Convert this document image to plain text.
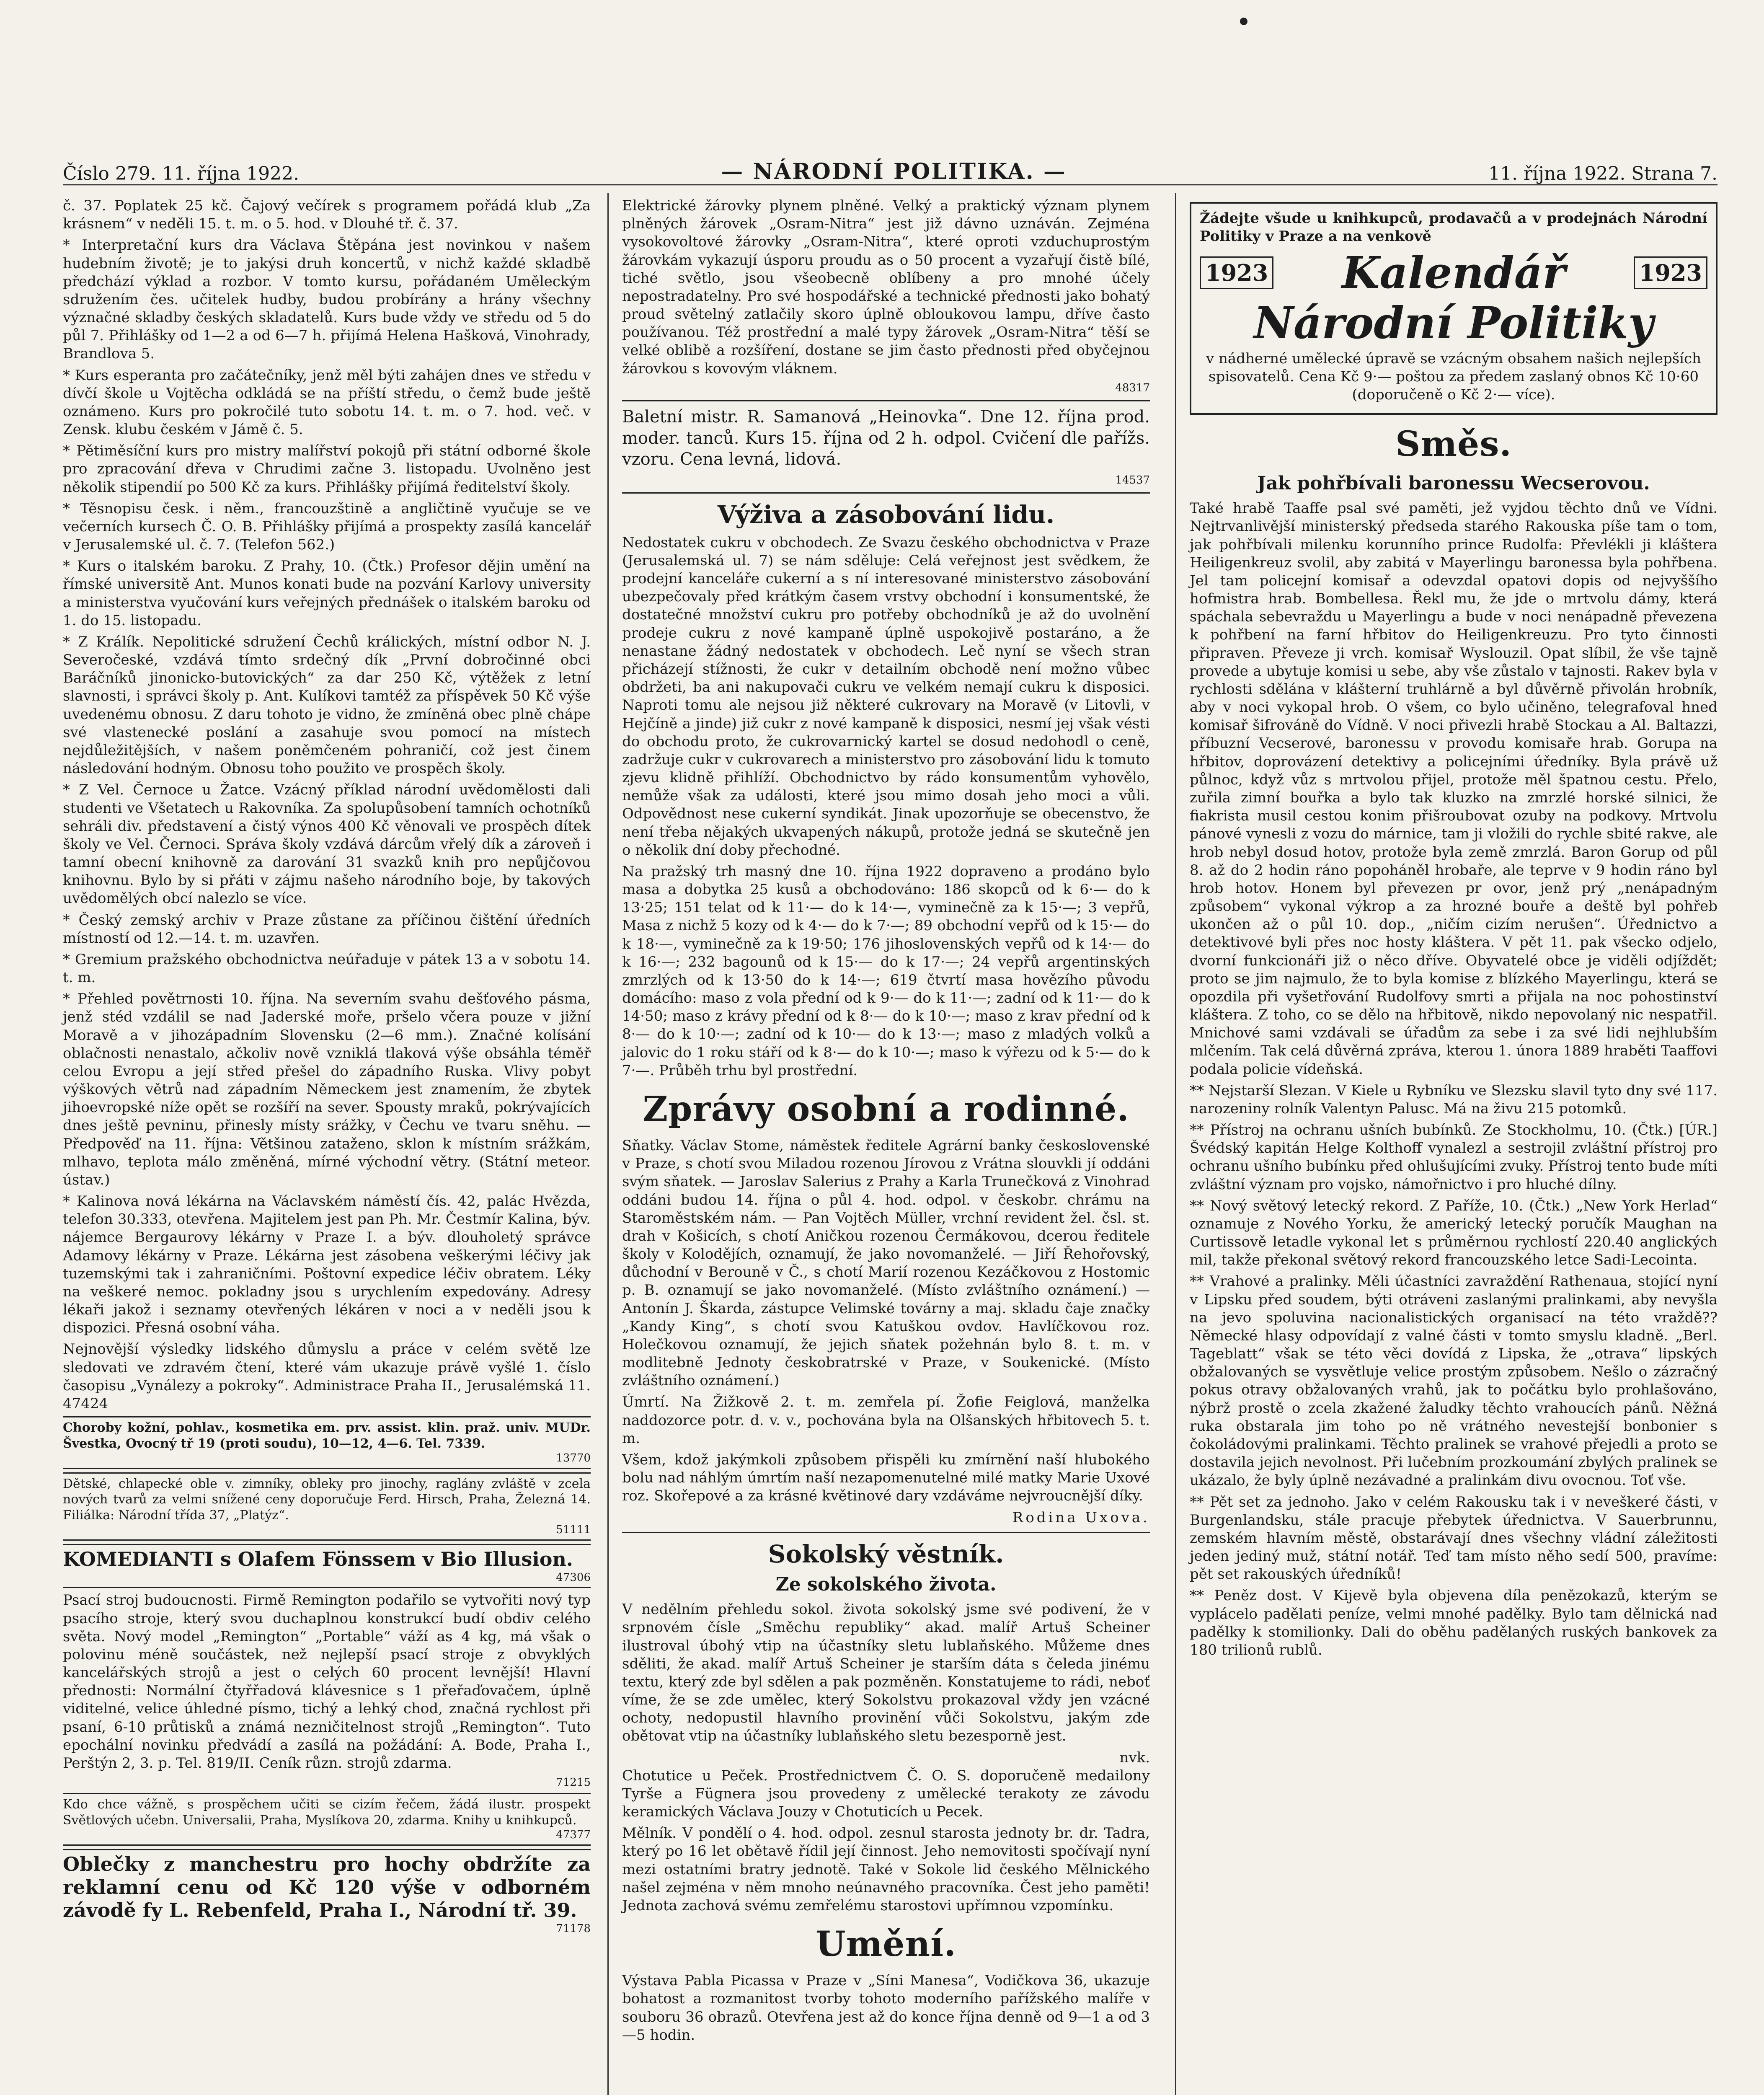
Číslo 279. 11. října 1922.	— NÁRODNÍ POLITIKA. —	11. října 1922. Strana 7.

č. 37. Poplatek 25 kč. Čajový večírek s programem pořádá klub „Za krásnem“ v neděli 15. t. m. o 5. hod. v Dlouhé tř. č. 37.

* Interpretační kurs dra Václava Štěpána jest novinkou v našem hudebním životě; je to jakýsi druh koncertů, v nichž každé skladbě předchází výklad a rozbor. V tomto kursu, pořádaném Uměleckým sdružením čes. učitelek hudby, budou probírány a hrány všechny význačné skladby českých skladatelů. Kurs bude vždy ve středu od 5 do půl 7. Přihlášky od 1—2 a od 6—7 h. přijímá Helena Hašková, Vinohrady, Brandlova 5.

* Kurs esperanta pro začátečníky, jenž měl býti zahájen dnes ve středu v dívčí škole u Vojtěcha odkládá se na příští středu, o čemž bude ještě oznámeno. Kurs pro pokročilé tuto sobotu 14. t. m. o 7. hod. več. v Zensk. klubu českém v Jámě č. 5.

* Pětiměsíční kurs pro mistry malířství pokojů při státní odborné škole pro zpracování dřeva v Chrudimi začne 3. listopadu. Uvolněno jest několik stipendií po 500 Kč za kurs. Přihlášky přijímá ředitelství školy.

* Těsnopisu česk. i něm., francouzštině a angličtině vyučuje se ve večerních kursech Č. O. B. Přihlášky přijímá a prospekty zasílá kancelář v Jerusalemské ul. č. 7. (Telefon 562.)

* Kurs o italském baroku. Z Prahy, 10. (Čtk.) Profesor dějin umění na římské universitě Ant. Munos konati bude na pozvání Karlovy university a ministerstva vyučování kurs veřejných přednášek o italském baroku od 1. do 15. listopadu.

* Z Králík. Nepolitické sdružení Čechů králických, místní odbor N. J. Severočeské, vzdává tímto srdečný dík „První dobročinné obci Baráčníků jinonicko-butovických“ za dar 250 Kč, výtěžek z letní slavnosti, i správci školy p. Ant. Kulíkovi tamtéž za příspěvek 50 Kč výše uvedenému obnosu. Z daru tohoto je vidno, že zmíněná obec plně chápe své vlastenecké poslání a zasahuje svou pomocí na místech nejdůležitějších, v našem poněmčeném pohraničí, což jest činem následování hodným. Obnosu toho použito ve prospěch školy.

* Z Vel. Černoce u Žatce. Vzácný příklad národní uvědomělosti dali studenti ve Všetatech u Rakovníka. Za spolupůsobení tamních ochotníků sehráli div. představení a čistý výnos 400 Kč věnovali ve prospěch dítek školy ve Vel. Černoci. Správa školy vzdává dárcům vřelý dík a zároveň i tamní obecní knihovně za darování 31 svazků knih pro nepůjčovou knihovnu. Bylo by si přáti v zájmu našeho národního boje, by takových uvědomělých obcí nalezlo se více.

* Český zemský archiv v Praze zůstane za příčinou čištění úředních místností od 12.—14. t. m. uzavřen.

* Gremium pražského obchodnictva neúřaduje v pátek 13 a v sobotu 14. t. m.

* Přehled povětrnosti 10. října. Na severním svahu dešťového pásma, jenž stéd vzdálil se nad Jaderské moře, pršelo včera pouze v jižní Moravě a v jihozápadním Slovensku (2—6 mm.). Značné kolísání oblačnosti nenastalo, ačkoliv nově vzniklá tlaková výše obsáhla téměř celou Evropu a její střed přešel do západního Ruska. Vlivy pobyt výškových větrů nad západním Německem jest znamením, že zbytek jihoevropské níže opět se rozšíří na sever. Spousty mraků, pokrývajících dnes ještě pevninu, přinesly místy srážky, v Čechu ve tvaru sněhu. — Předpověď na 11. října: Většinou zataženo, sklon k místním srážkám, mlhavo, teplota málo změněná, mírné východní větry. (Státní meteor. ústav.)

* Kalinova nová lékárna na Václavském náměstí čís. 42, palác Hvězda, telefon 30.333, otevřena. Majitelem jest pan Ph. Mr. Čestmír Kalina, býv. nájemce Bergaurovy lékárny v Praze I. a býv. dlouholetý správce Adamovy lékárny v Praze. Lékárna jest zásobena veškerými léčivy jak tuzemskými tak i zahraničními. Poštovní expedice léčiv obratem. Léky na veškeré nemoc. pokladny jsou s urychlením expedovány. Adresy lékaři jakož i seznamy otevřených lékáren v noci a v neděli jsou k dispozici. Přesná osobní váha.

Nejnovější výsledky lidského důmyslu a práce v celém světě lze sledovati ve zdravém čtení, které vám ukazuje právě vyšlé 1. číslo časopisu „Vynálezy a pokroky“. Administrace Praha II., Jerusalémská 11. 47424

Choroby kožní, pohlav., kosmetika em. prv. assist. klin. praž. univ. MUDr. Švestka, Ovocný tř 19 (proti soudu), 10—12, 4—6. Tel. 7339.
13770
Dětské, chlapecké oble v. zimníky, obleky pro jinochy, raglány zvláště v zcela nových tvarů za velmi snížené ceny doporučuje Ferd. Hirsch, Praha, Železná 14. Filiálka: Národní třída 37, „Platýz“.
51111
KOMEDIANTI s Olafem Fönssem v Bio Illusion.
47306

Psací stroj budoucnosti. Firmě Remington podařilo se vytvořiti nový typ psacího stroje, který svou duchaplnou konstrukcí budí obdiv celého světa. Nový model „Remington“ „Portable“ váží as 4 kg, má však o polovinu méně součástek, než nejlepší psací stroje z obvyklých kancelářských strojů a jest o celých 60 procent levnější! Hlavní přednosti: Normální čtyřřadová klávesnice s 1 přeřaďovačem, úplně viditelné, velice úhledné písmo, tichý a lehký chod, značná rychlost při psaní, 6-10 průtisků a známá nezničitelnost strojů „Remington“. Tuto epochální novinku předvádí a zasílá na požádání: A. Bode, Praha I., Perštýn 2, 3. p. Tel. 819/II. Ceník různ. strojů zdarma.

71215
Kdo chce vážně, s prospěchem učiti se cizím řečem, žádá ilustr. prospekt Světlových učebn. Universalii, Praha, Myslíkova 20, zdarma. Knihy u knihkupců.
47377
Oblečky z manchestru pro hochy obdržíte za reklamní cenu od Kč 120 výše v odborném závodě fy L. Rebenfeld, Praha I., Národní tř. 39.
71178

Elektrické žárovky plynem plněné. Velký a praktický význam plynem plněných žárovek „Osram-Nitra“ jest již dávno uznáván. Zejména vysokovoltové žárovky „Osram-Nitra“, které oproti vzduchuprostým žárovkám vykazují úsporu proudu as o 50 procent a vyzařují čistě bílé, tiché světlo, jsou všeobecně oblíbeny a pro mnohé účely nepostradatelny. Pro své hospodářské a technické přednosti jako bohatý proud světelný zatlačily skoro úplně obloukovou lampu, dříve často používanou. Též prostřední a malé typy žárovek „Osram-Nitra“ těší se velké oblibě a rozšíření, dostane se jim často přednosti před obyčejnou žárovkou s kovovým vláknem.

48317

Baletní mistr. R. Samanová „Heinovka“. Dne 12. října prod. moder. tanců. Kurs 15. října od 2 h. odpol. Cvičení dle pařížs. vzoru. Cena levná, lidová.

14537
Výživa a zásobování lidu.

Nedostatek cukru v obchodech. Ze Svazu českého obchodnictva v Praze (Jerusalemská ul. 7) se nám sděluje: Celá veřejnost jest svědkem, že prodejní kanceláře cukerní a s ní interesované ministerstvo zásobování ubezpečovaly před krátkým časem vrstvy obchodní i konsumentské, že dostatečné množství cukru pro potřeby obchodníků je až do uvolnění prodeje cukru z nové kampaně úplně uspokojivě postaráno, a že nenastane žádný nedostatek v obchodech. Leč nyní se všech stran přicházejí stížnosti, že cukr v detailním obchodě není možno vůbec obdržeti, ba ani nakupovači cukru ve velkém nemají cukru k disposici. Naproti tomu ale nejsou již některé cukrovary na Moravě (v Litovli, v Hejčíně a jinde) již cukr z nové kampaně k disposici, nesmí jej však vésti do obchodu proto, že cukrovarnický kartel se dosud nedohodl o ceně, zadržuje cukr v cukrovarech a ministerstvo pro zásobování lidu k tomuto zjevu klidně přihlíží. Obchodnictvo by rádo konsumentům vyhovělo, nemůže však za události, které jsou mimo dosah jeho moci a vůli. Odpovědnost nese cukerní syndikát. Jinak upozorňuje se obecenstvo, že není třeba nějakých ukvapených nákupů, protože jedná se skutečně jen o několik dní doby přechodné.

Na pražský trh masný dne 10. října 1922 dopraveno a prodáno bylo masa a dobytka 25 kusů a obchodováno: 186 skopců od k 6·— do k 13·25; 151 telat od k 11·— do k 14·—, vyminečně za k 15·—; 3 vepřů, Masa z nichž 5 kozy od k 4·— do k 7·—; 89 obchodní vepřů od k 15·— do k 18·—, vyminečně za k 19·50; 176 jihoslovenských vepřů od k 14·— do k 16·—; 232 bagounů od k 15·— do k 17·—; 24 vepřů argentinských zmrzlých od k 13·50 do k 14·—; 619 čtvrtí masa hovězího původu domácího: maso z vola přední od k 9·— do k 11·—; zadní od k 11·— do k 14·50; maso z krávy přední od k 8·— do k 10·—; maso z krav přední od k 8·— do k 10·—; zadní od k 10·— do k 13·—; maso z mladých volků a jalovic do 1 roku stáří od k 8·— do k 10·—; maso k výřezu od k 5·— do k 7·—. Průběh trhu byl prostřední.

Zprávy osobní a rodinné.

Sňatky. Václav Stome, náměstek ředitele Agrární banky československé v Praze, s chotí svou Miladou rozenou Jírovou z Vrátna slouvkli jí oddáni svým sňatek. — Jaroslav Salerius z Prahy a Karla Trunečková z Vinohrad oddáni budou 14. října o půl 4. hod. odpol. v českobr. chrámu na Staroměstském nám. — Pan Vojtěch Müller, vrchní revident žel. čsl. st. drah v Košicích, s chotí Aničkou rozenou Čermákovou, dcerou ředitele školy v Kolodějích, oznamují, že jako novomanželé. — Jiří Řehořovský, důchodní v Berouně v Č., s chotí Marií rozenou Kezáčkovou z Hostomic p. B. oznamují se jako novomanželé. (Místo zvláštního oznámení.) — Antonín J. Škarda, zástupce Velimské továrny a maj. skladu čaje značky „Kandy King“, s chotí svou Katuškou ovdov. Havlíčkovou roz. Holečkovou oznamují, že jejich sňatek požehnán bylo 8. t. m. v modlitebně Jednoty českobratrské v Praze, v Soukenické. (Místo zvláštního oznámení.)

Úmrtí. Na Žižkově 2. t. m. zemřela pí. Žofie Feiglová, manželka naddozorce potr. d. v. v., pochována byla na Olšanských hřbitovech 5. t. m.

Všem, kdož jakýmkoli způsobem přispěli ku zmírnění naší hlubokého bolu nad náhlým úmrtím naší nezapomenutelné milé matky Marie Uxové roz. Skořepové a za krásné květinové dary vzdáváme nejvroucnější díky.

Rodina Uxova.
Sokolský věstník.
Ze sokolského života.

V nedělním přehledu sokol. života sokolský jsme své podivení, že v srpnovém čísle „Směchu republiky“ akad. malíř Artuš Scheiner ilustroval úbohý vtip na účastníky sletu lublaňského. Můžeme dnes sděliti, že akad. malíř Artuš Scheiner je starším dáta s čeleda jinému textu, který zde byl sdělen a pak pozměněn. Konstatujeme to rádi, neboť víme, že se zde umělec, který Sokolstvu prokazoval vždy jen vzácné ochoty, nedopustil hlavního provinění vůči Sokolstvu, jakým zde obětovat vtip na účastníky lublaňského sletu bezesporně jest.

nvk.

Chotutice u Peček. Prostřednictvem Č. O. S. doporučeně medailony Tyrše a Fügnera jsou provedeny z umělecké terakoty ze závodu keramických Václava Jouzy v Chotuticích u Pecek.

Mělník. V pondělí o 4. hod. odpol. zesnul starosta jednoty br. dr. Tadra, který po 16 let obětavě řídil její činnost. Jeho nemovitosti spočívají nyní mezi ostatními bratry jednotě. Také v Sokole lid českého Mělnického našel zejména v něm mnoho neúnavného pracovníka. Čest jeho paměti! Jednota zachová svému zemřelému starostovi upřímnou vzpomínku.

Umění.

Výstava Pabla Picassa v Praze v „Síni Manesa“, Vodičkova 36, ukazuje bohatost a rozmanitost tvorby tohoto moderního pařížského malíře v souboru 36 obrazů. Otevřena jest až do konce října denně od 9—1 a od 3—5 hodin.

Žádejte všude u knihkupců, prodavačů a v prodejnách Národní Politiky v Praze a na venkově
1923 Kalendář	1923
Národní Politiky

v nádherné umělecké úpravě se vzácným obsahem našich nejlepších spisovatelů. Cena Kč 9·— poštou za předem zaslaný obnos Kč 10·60 (doporučeně o Kč 2·— více).

Směs.
Jak pohřbívali baronessu Wecserovou.

Také hrabě Taaffe psal své paměti, jež vyjdou těchto dnů ve Vídni. Nejtrvanlivější ministerský předseda starého Rakouska píše tam o tom, jak pohřbívali milenku korunního prince Rudolfa: Převlékli ji kláštera Heiligenkreuz svolil, aby zabitá v Mayerlingu baronessa byla pohřbena. Jel tam policejní komisař a odevzdal opatovi dopis od nejvyššího hofmistra hrab. Bombellesa. Řekl mu, že jde o mrtvolu dámy, která spáchala sebevraždu u Mayerlingu a bude v noci nenápadně převezena k pohřbení na farní hřbitov do Heiligenkreuzu. Pro tyto činnosti připraven. Převeze ji vrch. komisař Wyslouzil. Opat slíbil, že vše tajně provede a ubytuje komisi u sebe, aby vše zůstalo v tajnosti. Rakev byla v rychlosti sdělána v klášterní truhlárně a byl důvěrně přivolán hrobník, aby v noci vykopal hrob. O všem, co bylo učiněno, telegrafoval hned komisař šifrováně do Vídně. V noci přivezli hrabě Stockau a Al. Baltazzi, příbuzní Vecserové, baronessu v provodu komisaře hrab. Gorupa na hřbitov, doprovázení detektivy a policejními úředníky. Byla právě už půlnoc, když vůz s mrtvolou přijel, protože měl špatnou cestu. Přelo, zuřila zimní bouřka a bylo tak kluzko na zmrzlé horské silnici, že fiakrista musil cestou konim přišroubovat ozuby na podkovy. Mrtvolu pánové vynesli z vozu do márnice, tam ji vložili do rychle sbité rakve, ale hrob nebyl dosud hotov, protože byla země zmrzlá. Baron Gorup od půl 8. až do 2 hodin ráno popoháněl hrobaře, ale teprve v 9 hodin ráno byl hrob hotov. Honem byl převezen pr ovor, jenž prý „nenápadným způsobem“ vykonal výkrop a za hrozné bouře a deště byl pohřeb ukončen až o půl 10. dop., „ničím cizím nerušen“. Úřednictvo a detektivové byli přes noc hosty kláštera. V pět 11. pak všecko odjelo, dvorní funkcionáři již o něco dříve. Obyvatelé obce je viděli odjíždět; proto se jim najmulo, že to byla komise z blízkého Mayerlingu, která se opozdila při vyšetřování Rudolfovy smrti a přijala na noc pohostinství kláštera. Z toho, co se dělo na hřbitově, nikdo nepovolaný nic nespatřil. Mnichové sami vzdávali se úřadům za sebe i za své lidi nejhlubším mlčením. Tak celá důvěrná zpráva, kterou 1. února 1889 hraběti Taaffovi podala policie vídeňská.

** Nejstarší Slezan. V Kiele u Rybníku ve Slezsku slavil tyto dny své 117. narozeniny rolník Valentyn Palusc. Má na živu 215 potomků.

** Přístroj na ochranu ušních bubínků. Ze Stockholmu, 10. (Čtk.) [ÚR.] Švédský kapitán Helge Kolthoff vynalezl a sestrojil zvláštní přístroj pro ochranu ušního bubínku před ohlušujícími zvuky. Přístroj tento bude míti zvláštní význam pro vojsko, námořnictvo i pro hluché dílny.

** Nový světový letecký rekord. Z Paříže, 10. (Čtk.) „New York Herlad“ oznamuje z Nového Yorku, že americký letecký poručík Maughan na Curtissově letadle vykonal let s průměrnou rychlostí 220.40 anglických mil, takže překonal světový rekord francouzského letce Sadi-Lecointa.

** Vrahové a pralinky. Měli účastníci zavraždění Rathenaua, stojící nyní v Lipsku před soudem, býti otráveni zaslanými pralinkami, aby nevyšla na jevo spoluvina nacionalistických organisací na této vraždě?? Německé hlasy odpovídají z valné části v tomto smyslu kladně. „Berl. Tageblatt“ však se této věci dovídá z Lipska, že „otrava“ lipských obžalovaných se vysvětluje velice prostým způsobem. Nešlo o zázračný pokus otravy obžalovaných vrahů, jak to počátku bylo prohlašováno, nýbrž prostě o zcela zkažené žaludky těchto vrahoucích pánů. Něžná ruka obstarala jim toho po ně vrátného nevestejší bonbonier s čokoládovými pralinkami. Těchto pralinek se vrahové přejedli a proto se dostavila jejich nevolnost. Při lučebním prozkoumání zbylých pralinek se ukázalo, že byly úplně nezávadné a pralinkám divu ovocnou. Toť vše.

** Pět set za jednoho. Jako v celém Rakousku tak i v neveškeré části, v Burgenlandsku, stále pracuje přebytek úřednictva. V Sauerbrunnu, zemském hlavním městě, obstarávají dnes všechny vládní záležitosti jeden jediný muž, státní notář. Teď tam místo něho sedí 500, pravíme: pět set rakouských úředníků!

** Peněz dost. V Kijevě byla objevena díla penězokazů, kterým se vyplácelo padělati peníze, velmi mnohé padělky. Bylo tam dělnická nad padělky k stomilionky. Dali do oběhu padělaných ruských bankovek za 180 trilionů rublů.
